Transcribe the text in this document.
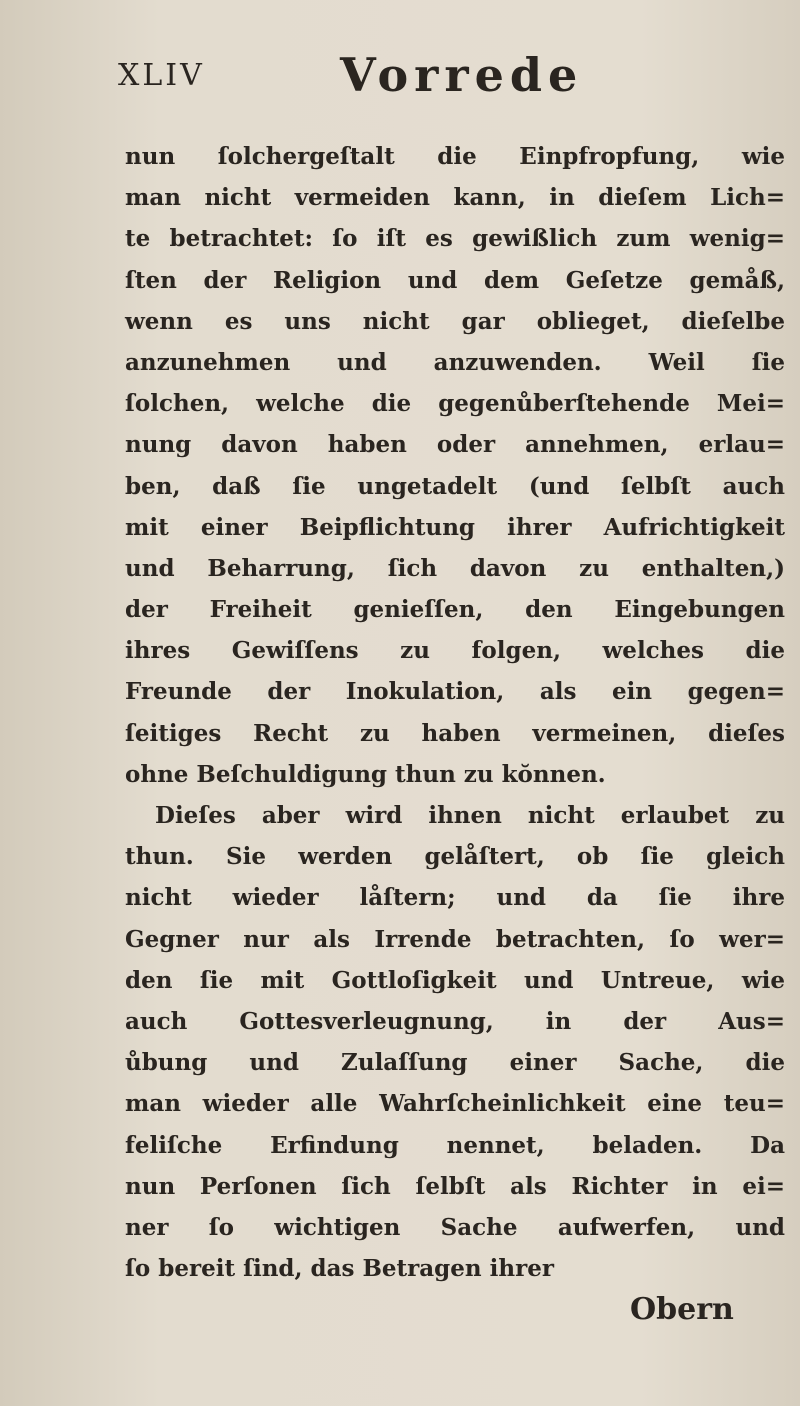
XLIV	Vorrede
nun ſolchergeſtalt die Einpfropfung, wie
man nicht vermeiden kann, in dieſem Lich=
te betrachtet: ſo iſt es gewißlich zum wenig=
ſten der Religion und dem Geſetze gemåß,
wenn es uns nicht gar oblieget, dieſelbe
anzunehmen und anzuwenden. Weil ſie
ſolchen, welche die gegenůberſtehende Mei=
nung davon haben oder annehmen, erlau=
ben, daß ſie ungetadelt (und ſelbſt auch
mit einer Beipflichtung ihrer Aufrichtigkeit
und Beharrung, ſich davon zu enthalten,)
der Freiheit genieſſen, den Eingebungen
ihres Gewiſſens zu folgen, welches die
Freunde der Inokulation, als ein gegen=
ſeitiges Recht zu haben vermeinen, dieſes
ohne Beſchuldigung thun zu kŏnnen.
Dieſes aber wird ihnen nicht erlaubet zu
thun. Sie werden gelåſtert, ob ſie gleich
nicht wieder låſtern; und da ſie ihre
Gegner nur als Irrende betrachten, ſo wer=
den ſie mit Gottloſigkeit und Untreue, wie
auch Gottesverleugnung, in der Aus=
ůbung und Zulaſſung einer Sache, die
man wieder alle Wahrſcheinlichkeit eine teu=
feliſche Erfindung nennet, beladen. Da
nun Perſonen ſich ſelbſt als Richter in ei=
ner ſo wichtigen Sache aufwerfen, und
ſo bereit ſind, das Betragen ihrer
Obern
